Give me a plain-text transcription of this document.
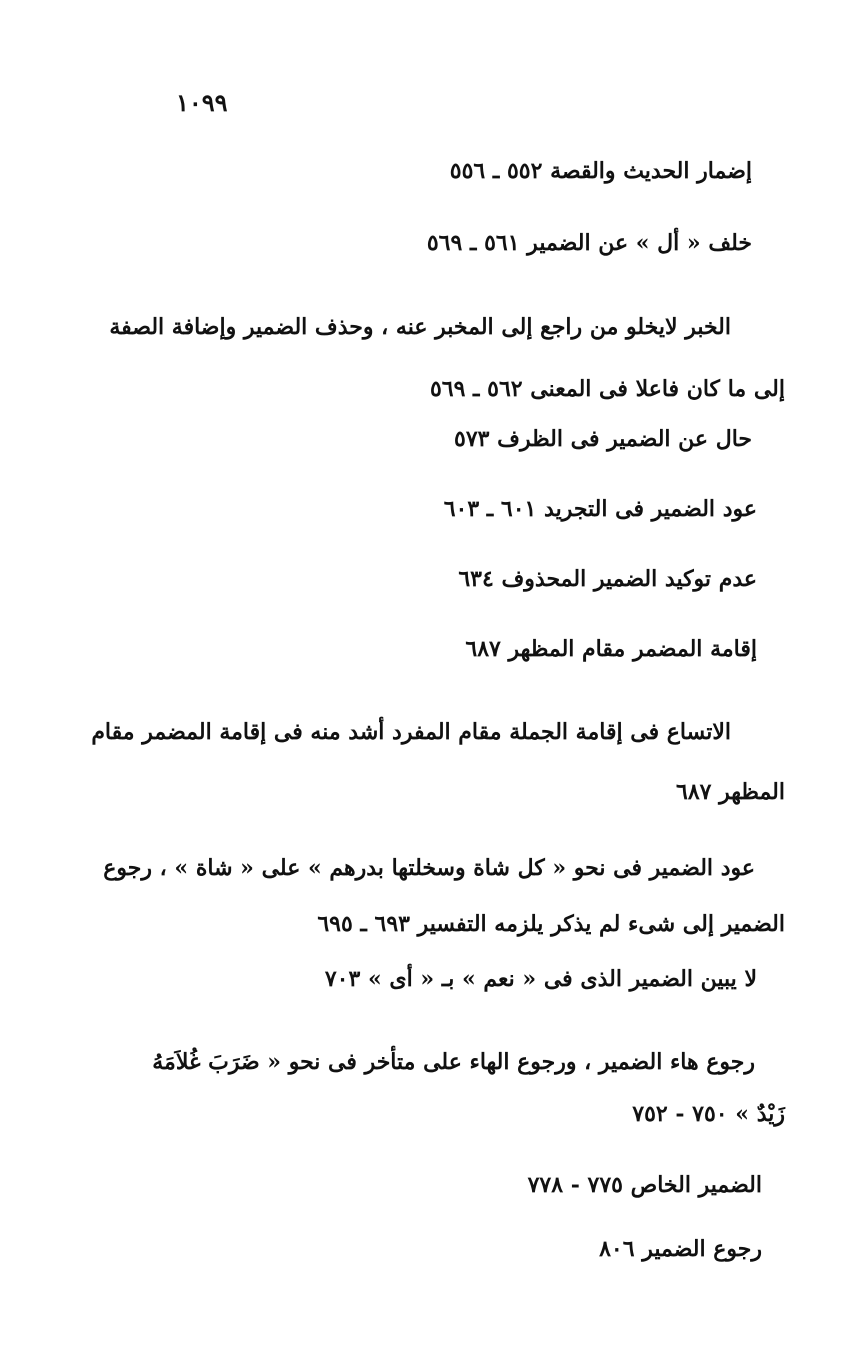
١٠٩٩
إضمار الحديث والقصة ٥٥٢ ـ ٥٥٦
خلف « أل » عن الضمير ٥٦١ ـ ٥٦٩
الخبر لايخلو من راجع إلى المخبر عنه ، وحذف الضمير وإضافة الصفة
إلى ما كان فاعلا فى المعنى ٥٦٢ ـ ٥٦٩
حال عن الضمير فى الظرف ٥٧٣
عود الضمير فى التجريد ٦٠١ ـ ٦٠٣
عدم توكيد الضمير المحذوف ٦٣٤
إقامة المضمر مقام المظهر ٦٨٧
الاتساع فى إقامة الجملة مقام المفرد أشد منه فى إقامة المضمر مقام
المظهر ٦٨٧
عود الضمير فى نحو « كل شاة وسخلتها بدرهم » على « شاة » ، رجوع
الضمير إلى شىء لم يذكر يلزمه التفسير ٦٩٣ ـ ٦٩٥
لا يبين الضمير الذى فى « نعم » بـ « أى » ٧٠٣
رجوع هاء الضمير ، ورجوع الهاء على متأخر فى نحو « ضَرَبَ غُلاَمَهُ
زَيْدٌ » ٧٥٠ - ٧٥٢
الضمير الخاص ٧٧٥ - ٧٧٨
رجوع الضمير ٨٠٦
